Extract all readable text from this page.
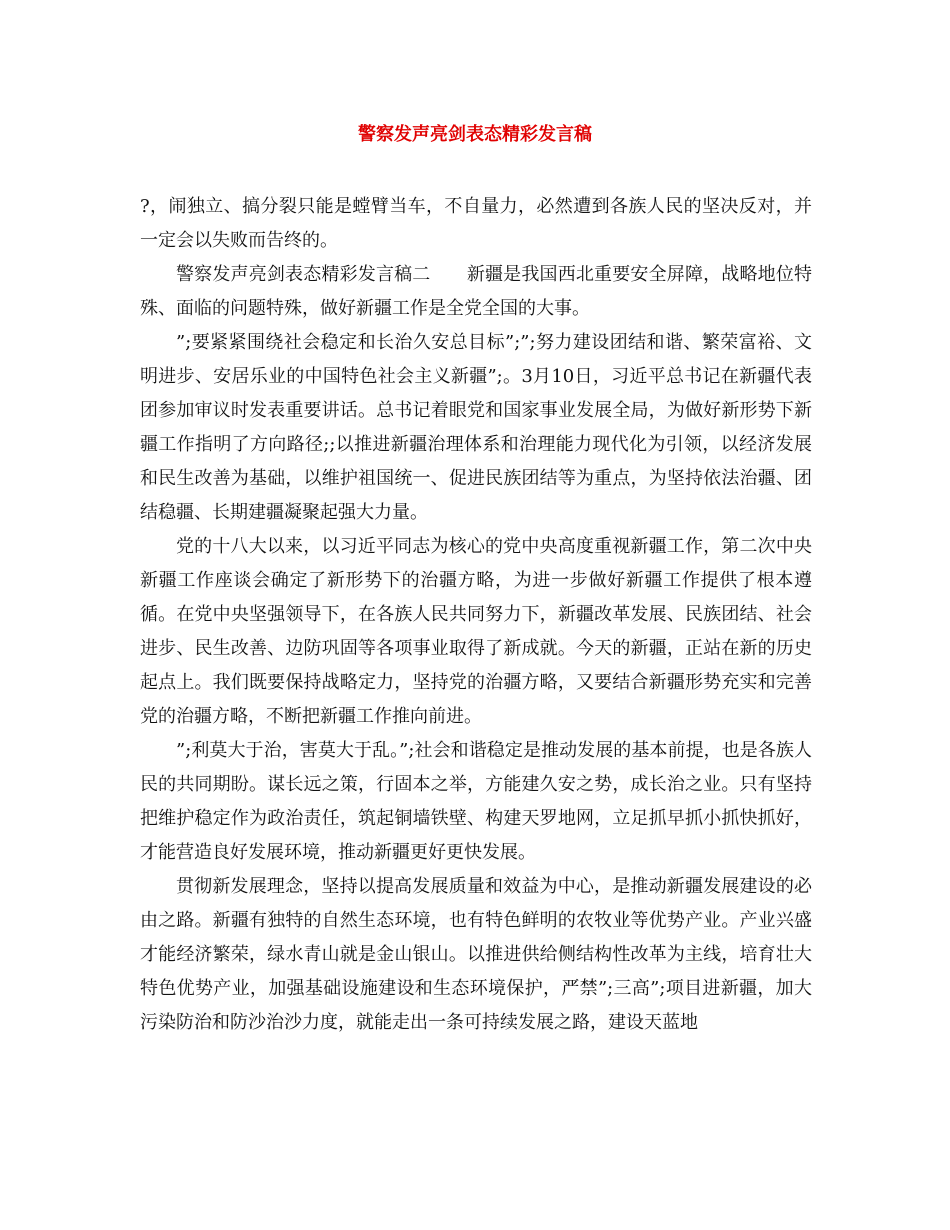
警察发声亮剑表态精彩发言稿

?，闹独立、搞分裂只能是螳臂当车，不自量力，必然遭到各族人民的坚决反对，并一定会以失败而告终的。

警察发声亮剑表态精彩发言稿二　　新疆是我国西北重要安全屏障，战略地位特殊、面临的问题特殊，做好新疆工作是全党全国的大事。

”;要紧紧围绕社会稳定和长治久安总目标”;”;努力建设团结和谐、繁荣富裕、文明进步、安居乐业的中国特色社会主义新疆”;。3月10日，习近平总书记在新疆代表团参加审议时发表重要讲话。总书记着眼党和国家事业发展全局，为做好新形势下新疆工作指明了方向路径;;以推进新疆治理体系和治理能力现代化为引领，以经济发展和民生改善为基础，以维护祖国统一、促进民族团结等为重点，为坚持依法治疆、团结稳疆、长期建疆凝聚起强大力量。

党的十八大以来，以习近平同志为核心的党中央高度重视新疆工作，第二次中央新疆工作座谈会确定了新形势下的治疆方略，为进一步做好新疆工作提供了根本遵循。在党中央坚强领导下，在各族人民共同努力下，新疆改革发展、民族团结、社会进步、民生改善、边防巩固等各项事业取得了新成就。今天的新疆，正站在新的历史起点上。我们既要保持战略定力，坚持党的治疆方略，又要结合新疆形势充实和完善党的治疆方略，不断把新疆工作推向前进。

”;利莫大于治，害莫大于乱。”;社会和谐稳定是推动发展的基本前提，也是各族人民的共同期盼。谋长远之策，行固本之举，方能建久安之势，成长治之业。只有坚持把维护稳定作为政治责任，筑起铜墙铁壁、构建天罗地网，立足抓早抓小抓快抓好，才能营造良好发展环境，推动新疆更好更快发展。

贯彻新发展理念，坚持以提高发展质量和效益为中心，是推动新疆发展建设的必由之路。新疆有独特的自然生态环境，也有特色鲜明的农牧业等优势产业。产业兴盛才能经济繁荣，绿水青山就是金山银山。以推进供给侧结构性改革为主线，培育壮大特色优势产业，加强基础设施建设和生态环境保护，严禁”;三高”;项目进新疆，加大污染防治和防沙治沙力度，就能走出一条可持续发展之路，建设天蓝地
